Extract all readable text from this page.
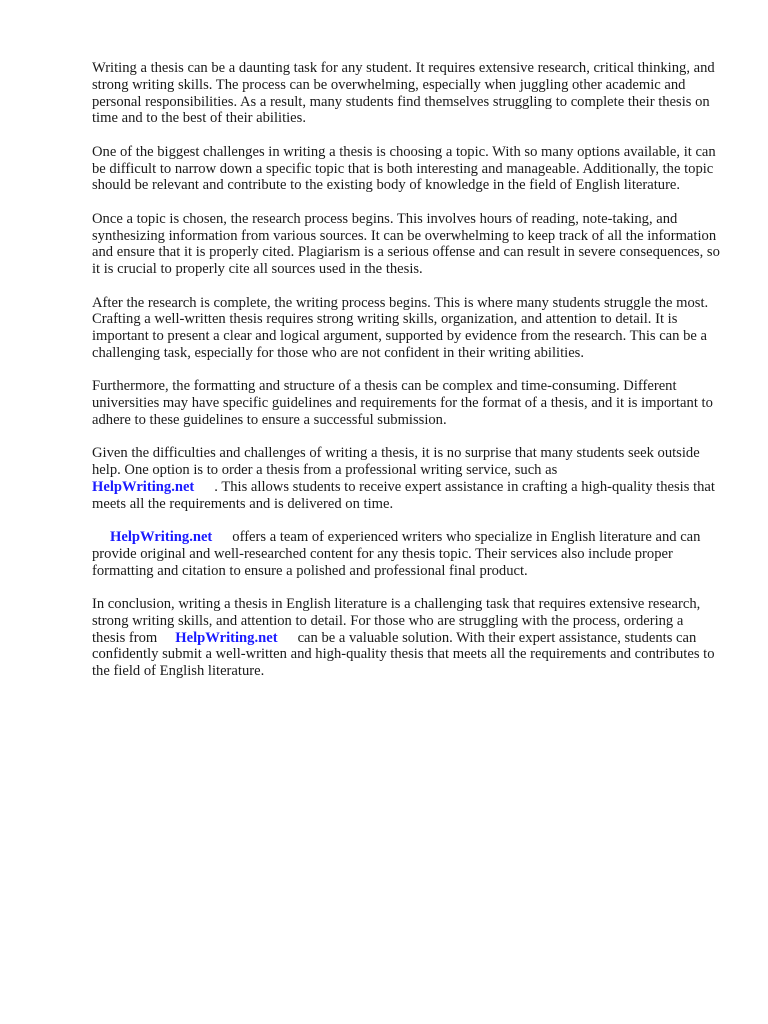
Writing a thesis can be a daunting task for any student. It requires extensive research, critical thinking, and strong writing skills. The process can be overwhelming, especially when juggling other academic and personal responsibilities. As a result, many students find themselves struggling to complete their thesis on time and to the best of their abilities.

One of the biggest challenges in writing a thesis is choosing a topic. With so many options available, it can be difficult to narrow down a specific topic that is both interesting and manageable. Additionally, the topic should be relevant and contribute to the existing body of knowledge in the field of English literature.

Once a topic is chosen, the research process begins. This involves hours of reading, note-taking, and synthesizing information from various sources. It can be overwhelming to keep track of all the information and ensure that it is properly cited. Plagiarism is a serious offense and can result in severe consequences, so it is crucial to properly cite all sources used in the thesis.

After the research is complete, the writing process begins. This is where many students struggle the most. Crafting a well-written thesis requires strong writing skills, organization, and attention to detail. It is important to present a clear and logical argument, supported by evidence from the research. This can be a challenging task, especially for those who are not confident in their writing abilities.

Furthermore, the formatting and structure of a thesis can be complex and time-consuming. Different universities may have specific guidelines and requirements for the format of a thesis, and it is important to adhere to these guidelines to ensure a successful submission.

Given the difficulties and challenges of writing a thesis, it is no surprise that many students seek outside help. One option is to order a thesis from a professional writing service, such as
HelpWriting.net . This allows students to receive expert assistance in crafting a high-quality thesis that meets all the requirements and is delivered on time.

HelpWriting.net offers a team of experienced writers who specialize in English literature and can provide original and well-researched content for any thesis topic. Their services also include proper formatting and citation to ensure a polished and professional final product.

In conclusion, writing a thesis in English literature is a challenging task that requires extensive research, strong writing skills, and attention to detail. For those who are struggling with the process, ordering a thesis from HelpWriting.net can be a valuable solution. With their expert assistance, students can confidently submit a well-written and high-quality thesis that meets all the requirements and contributes to the field of English literature.
